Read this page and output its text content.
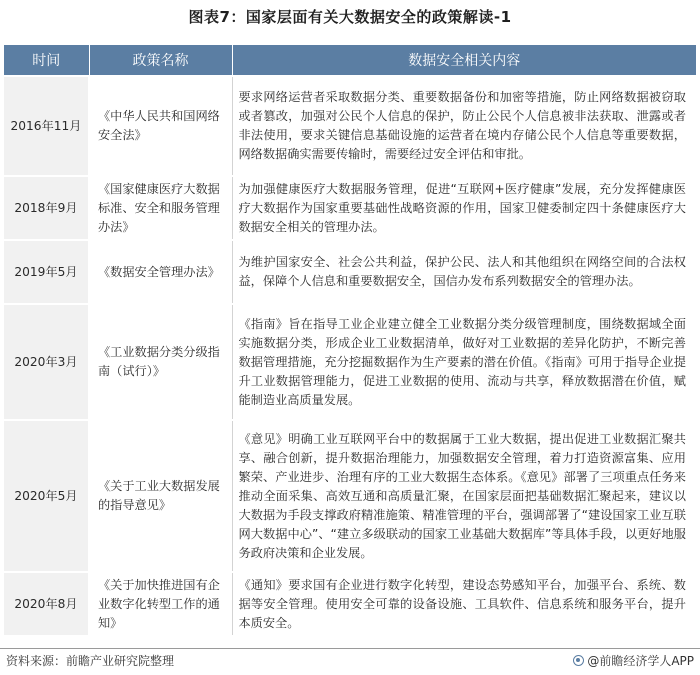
图表7：国家层面有关大数据安全的政策解读-1
时间	政策名称	数据安全相关内容
2016年11月	《中华人民共和国网络安全法》	要求网络运营者采取数据分类、重要数据备份和加密等措施，防止网络数据被窃取或者篡改，加强对公民个人信息的保护，防止公民个人信息被非法获取、泄露或者非法使用，要求关键信息基础设施的运营者在境内存储公民个人信息等重要数据，网络数据确实需要传输时，需要经过安全评估和审批。
2018年9月	《国家健康医疗大数据标准、安全和服务管理办法》	为加强健康医疗大数据服务管理，促进“互联网+医疗健康”发展，充分发挥健康医疗大数据作为国家重要基础性战略资源的作用，国家卫健委制定四十条健康医疗大数据安全相关的管理办法。
2019年5月	《数据安全管理办法》	为维护国家安全、社会公共利益，保护公民、法人和其他组织在网络空间的合法权益，保障个人信息和重要数据安全，国信办发布系列数据安全的管理办法。
2020年3月	《工业数据分类分级指南（试行）》	《指南》旨在指导工业企业建立健全工业数据分类分级管理制度，围绕数据域全面实施数据分类，形成企业工业数据清单，做好对工业数据的差异化防护，不断完善数据管理措施，充分挖掘数据作为生产要素的潜在价值。《指南》可用于指导企业提升工业数据管理能力，促进工业数据的使用、流动与共享，释放数据潜在价值，赋能制造业高质量发展。
2020年5月	《关于工业大数据发展的指导意见》	《意见》明确工业互联网平台中的数据属于工业大数据，提出促进工业数据汇聚共享、融合创新，提升数据治理能力，加强数据安全管理，着力打造资源富集、应用繁荣、产业进步、治理有序的工业大数据生态体系。《意见》部署了三项重点任务来推动全面采集、高效互通和高质量汇聚，在国家层面把基础数据汇聚起来，建议以大数据为手段支撑政府精准施策、精准管理的平台，强调部署了“建设国家工业互联网大数据中心”、“建立多级联动的国家工业基础大数据库”等具体手段，以更好地服务政府决策和企业发展。
2020年8月	《关于加快推进国有企业数字化转型工作的通知》	《通知》要求国有企业进行数字化转型，建设态势感知平台，加强平台、系统、数据等安全管理。使用安全可靠的设备设施、工具软件、信息系统和服务平台，提升本质安全。
资料来源：前瞻产业研究院整理	@前瞻经济学人APP
